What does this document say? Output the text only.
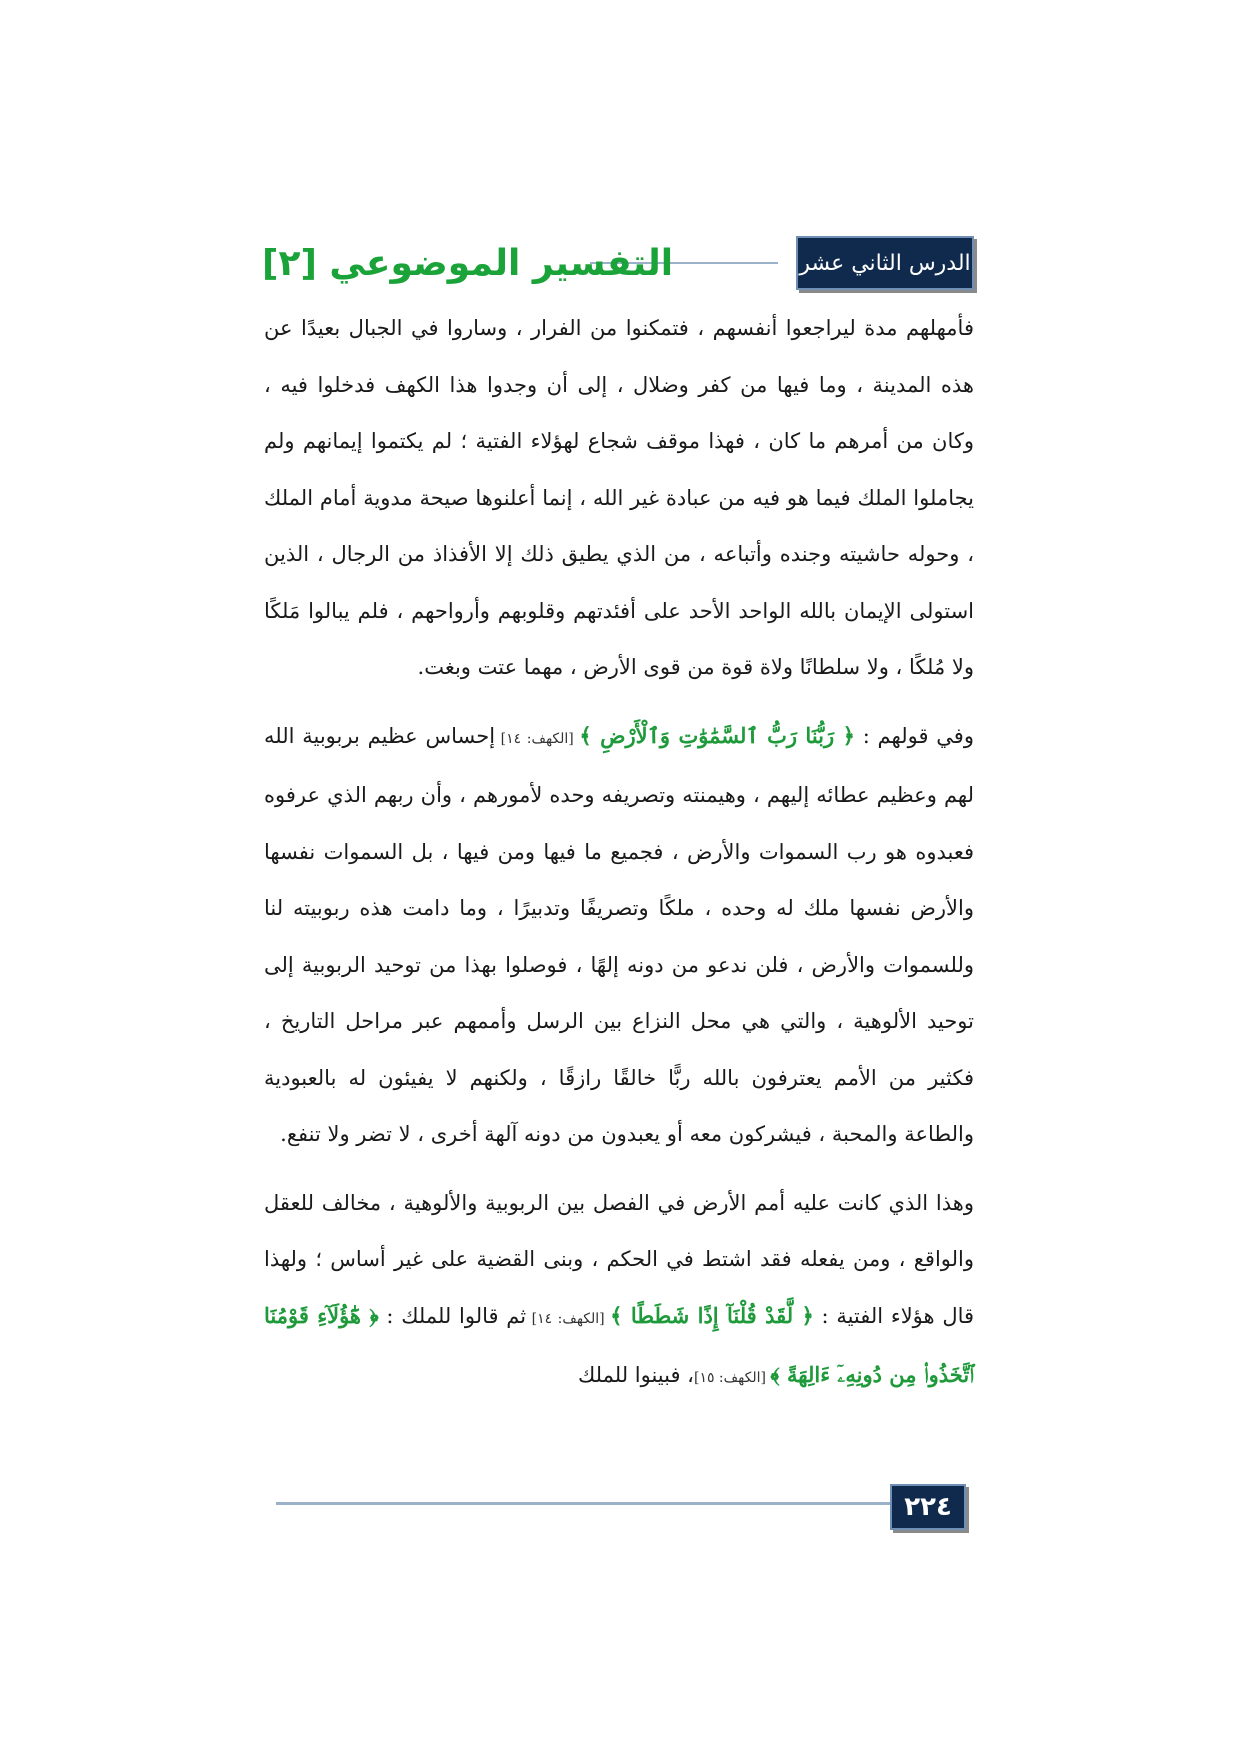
الدرس الثاني عشر
التفسير الموضوعي [٢]

فأمهلهم مدة ليراجعوا أنفسهم ، فتمكنوا من الفرار ، وساروا في الجبال بعيدًا عن هذه المدينة ، وما فيها من كفر وضلال ، إلى أن وجدوا هذا الكهف فدخلوا فيه ، وكان من أمرهم ما كان ، فهذا موقف شجاع لهؤلاء الفتية ؛ لم يكتموا إيمانهم ولم يجاملوا الملك فيما هو فيه من عبادة غير الله ، إنما أعلنوها صيحة مدوية أمام الملك ، وحوله حاشيته وجنده وأتباعه ، من الذي يطيق ذلك إلا الأفذاذ من الرجال ، الذين استولى الإيمان بالله الواحد الأحد على أفئدتهم وقلوبهم وأرواحهم ، فلم يبالوا مَلكًا ولا مُلكًا ، ولا سلطانًا ولاة قوة من قوى الأرض ، مهما عتت وبغت.

وفي قولهم : ﴿ رَبُّنَا رَبُّ ٱلسَّمَٰوَٰتِ وَٱلْأَرْضِ ﴾ [الكهف: ١٤] إحساس عظيم بربوبية الله لهم وعظيم عطائه إليهم ، وهيمنته وتصريفه وحده لأمورهم ، وأن ربهم الذي عرفوه فعبدوه هو رب السموات والأرض ، فجميع ما فيها ومن فيها ، بل السموات نفسها والأرض نفسها ملك له وحده ، ملكًا وتصريفًا وتدبيرًا ، وما دامت هذه ربوبيته لنا وللسموات والأرض ، فلن ندعو من دونه إلهًا ، فوصلوا بهذا من توحيد الربوبية إلى توحيد الألوهية ، والتي هي محل النزاع بين الرسل وأممهم عبر مراحل التاريخ ، فكثير من الأمم يعترفون بالله ربًّا خالقًا رازقًا ، ولكنهم لا يفيئون له بالعبودية والطاعة والمحبة ، فيشركون معه أو يعبدون من دونه آلهة أخرى ، لا تضر ولا تنفع.

وهذا الذي كانت عليه أمم الأرض في الفصل بين الربوبية والألوهية ، مخالف للعقل والواقع ، ومن يفعله فقد اشتط في الحكم ، وبنى القضية على غير أساس ؛ ولهذا قال هؤلاء الفتية : ﴿ لَّقَدْ قُلْنَآ إِذًا شَطَطًا ﴾ [الكهف: ١٤] ثم قالوا للملك : ﴿ هَٰٓؤُلَآءِ قَوْمُنَا ٱتَّخَذُوا۟ مِن دُونِهِۦٓ ءَالِهَةً ﴾ [الكهف: ١٥]، فبينوا للملك

٢٢٤
